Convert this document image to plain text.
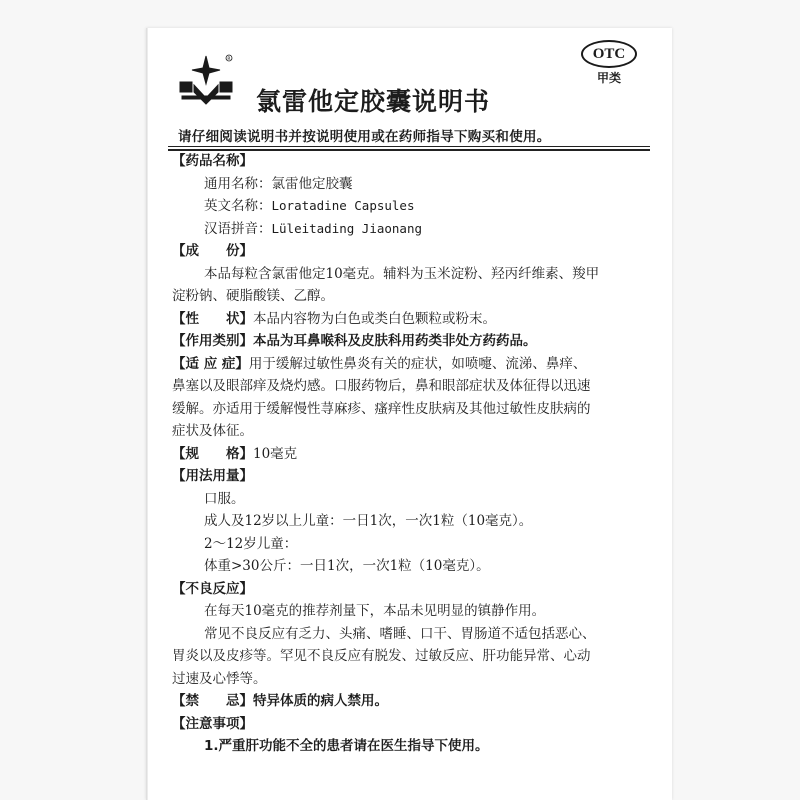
R	OTC
甲类
氯雷他定胶囊说明书
请仔细阅读说明书并按说明使用或在药师指导下购买和使用。
【药品名称】
通用名称：氯雷他定胶囊
英文名称：Loratadine Capsules
汉语拼音：Lüleitading Jiaonang
【成　　份】
本品每粒含氯雷他定10毫克。辅料为玉米淀粉、羟丙纤维素、羧甲
淀粉钠、硬脂酸镁、乙醇。
【性　　状】本品内容物为白色或类白色颗粒或粉末。
【作用类别】本品为耳鼻喉科及皮肤科用药类非处方药药品。
【适 应 症】用于缓解过敏性鼻炎有关的症状，如喷嚏、流涕、鼻痒、
鼻塞以及眼部痒及烧灼感。口服药物后，鼻和眼部症状及体征得以迅速
缓解。亦适用于缓解慢性荨麻疹、瘙痒性皮肤病及其他过敏性皮肤病的
症状及体征。
【规　　格】10毫克
【用法用量】
口服。
成人及12岁以上儿童：一日1次，一次1粒（10毫克）。
2～12岁儿童：
体重>30公斤：一日1次，一次1粒（10毫克）。
【不良反应】
在每天10毫克的推荐剂量下，本品未见明显的镇静作用。
常见不良反应有乏力、头痛、嗜睡、口干、胃肠道不适包括恶心、
胃炎以及皮疹等。罕见不良反应有脱发、过敏反应、肝功能异常、心动
过速及心悸等。
【禁　　忌】特异体质的病人禁用。
【注意事项】
1.严重肝功能不全的患者请在医生指导下使用。
